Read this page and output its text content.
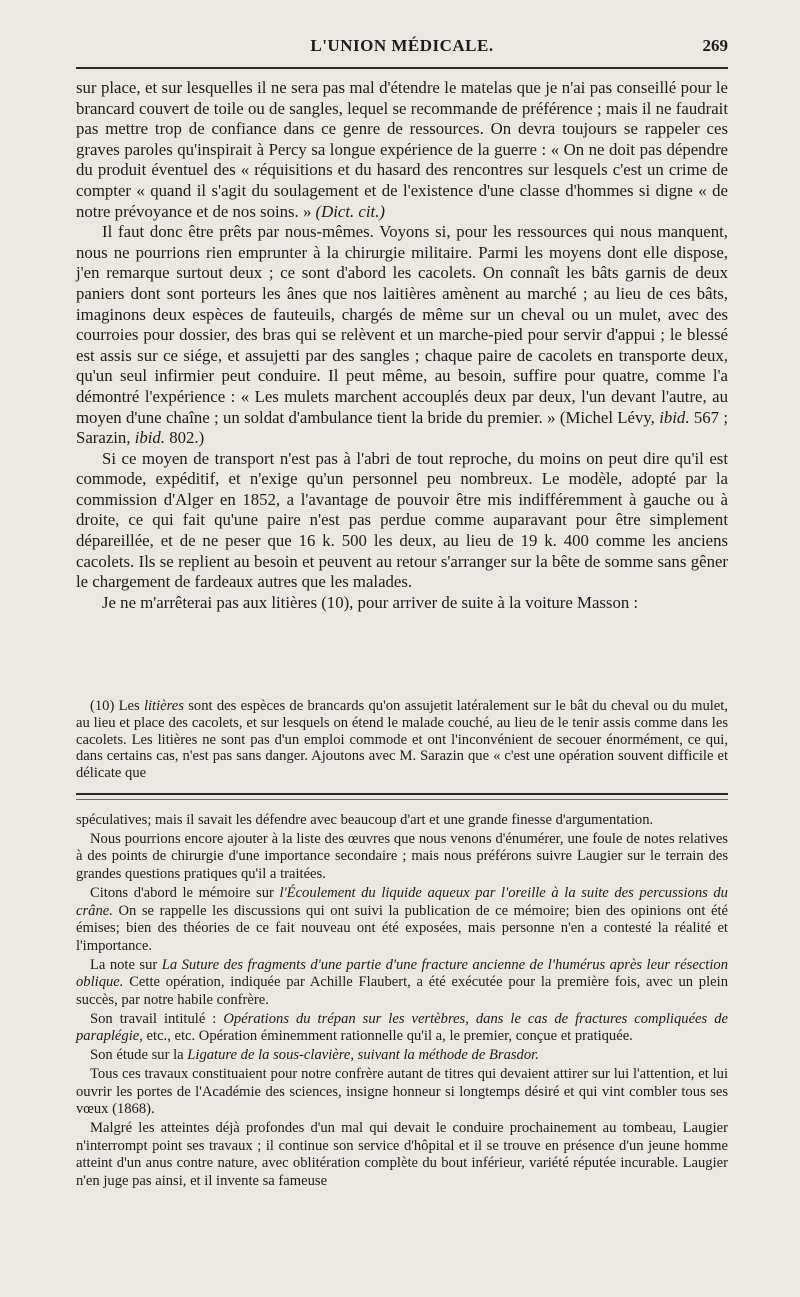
L'UNION MÉDICALE.	269

sur place, et sur lesquelles il ne sera pas mal d'étendre le matelas que je n'ai pas conseillé pour le brancard couvert de toile ou de sangles, lequel se recommande de préférence ; mais il ne faudrait pas mettre trop de confiance dans ce genre de ressources. On devra toujours se rappeler ces graves paroles qu'inspirait à Percy sa longue expérience de la guerre : « On ne doit pas dépendre du produit éventuel des « réquisitions et du hasard des rencontres sur lesquels c'est un crime de compter « quand il s'agit du soulagement et de l'existence d'une classe d'hommes si digne « de notre prévoyance et de nos soins. » (Dict. cit.)

Il faut donc être prêts par nous-mêmes. Voyons si, pour les ressources qui nous manquent, nous ne pourrions rien emprunter à la chirurgie militaire. Parmi les moyens dont elle dispose, j'en remarque surtout deux ; ce sont d'abord les cacolets. On connaît les bâts garnis de deux paniers dont sont porteurs les ânes que nos laitières amènent au marché ; au lieu de ces bâts, imaginons deux espèces de fauteuils, chargés de même sur un cheval ou un mulet, avec des courroies pour dossier, des bras qui se relèvent et un marche-pied pour servir d'appui ; le blessé est assis sur ce siége, et assujetti par des sangles ; chaque paire de cacolets en transporte deux, qu'un seul infirmier peut conduire. Il peut même, au besoin, suffire pour quatre, comme l'a démontré l'expérience : « Les mulets marchent accouplés deux par deux, l'un devant l'autre, au moyen d'une chaîne ; un soldat d'ambulance tient la bride du premier. » (Michel Lévy, ibid. 567 ; Sarazin, ibid. 802.)

Si ce moyen de transport n'est pas à l'abri de tout reproche, du moins on peut dire qu'il est commode, expéditif, et n'exige qu'un personnel peu nombreux. Le modèle, adopté par la commission d'Alger en 1852, a l'avantage de pouvoir être mis indifféremment à gauche ou à droite, ce qui fait qu'une paire n'est pas perdue comme auparavant pour être simplement dépareillée, et de ne peser que 16 k. 500 les deux, au lieu de 19 k. 400 comme les anciens cacolets. Ils se replient au besoin et peuvent au retour s'arranger sur la bête de somme sans gêner le chargement de fardeaux autres que les malades.

Je ne m'arrêterai pas aux litières (10), pour arriver de suite à la voiture Masson :

(10) Les litières sont des espèces de brancards qu'on assujetit latéralement sur le bât du cheval ou du mulet, au lieu et place des cacolets, et sur lesquels on étend le malade couché, au lieu de le tenir assis comme dans les cacolets. Les litières ne sont pas d'un emploi commode et ont l'inconvénient de secouer énormément, ce qui, dans certains cas, n'est pas sans danger. Ajoutons avec M. Sarazin que « c'est une opération souvent difficile et délicate que

spéculatives; mais il savait les défendre avec beaucoup d'art et une grande finesse d'argumentation.

Nous pourrions encore ajouter à la liste des œuvres que nous venons d'énumérer, une foule de notes relatives à des points de chirurgie d'une importance secondaire ; mais nous préférons suivre Laugier sur le terrain des grandes questions pratiques qu'il a traitées.

Citons d'abord le mémoire sur l'Écoulement du liquide aqueux par l'oreille à la suite des percussions du crâne. On se rappelle les discussions qui ont suivi la publication de ce mémoire; bien des opinions ont été émises; bien des théories de ce fait nouveau ont été exposées, mais personne n'en a contesté la réalité et l'importance.

La note sur La Suture des fragments d'une partie d'une fracture ancienne de l'humérus après leur résection oblique. Cette opération, indiquée par Achille Flaubert, a été exécutée pour la première fois, avec un plein succès, par notre habile confrère.

Son travail intitulé : Opérations du trépan sur les vertèbres, dans le cas de fractures compliquées de paraplégie, etc., etc. Opération éminemment rationnelle qu'il a, le premier, conçue et pratiquée.

Son étude sur la Ligature de la sous-clavière, suivant la méthode de Brasdor.

Tous ces travaux constituaient pour notre confrère autant de titres qui devaient attirer sur lui l'attention, et lui ouvrir les portes de l'Académie des sciences, insigne honneur si longtemps désiré et qui vint combler tous ses vœux (1868).

Malgré les atteintes déjà profondes d'un mal qui devait le conduire prochainement au tombeau, Laugier n'interrompt point ses travaux ; il continue son service d'hôpital et il se trouve en présence d'un jeune homme atteint d'un anus contre nature, avec oblitération complète du bout inférieur, variété réputée incurable. Laugier n'en juge pas ainsi, et il invente sa fameuse
